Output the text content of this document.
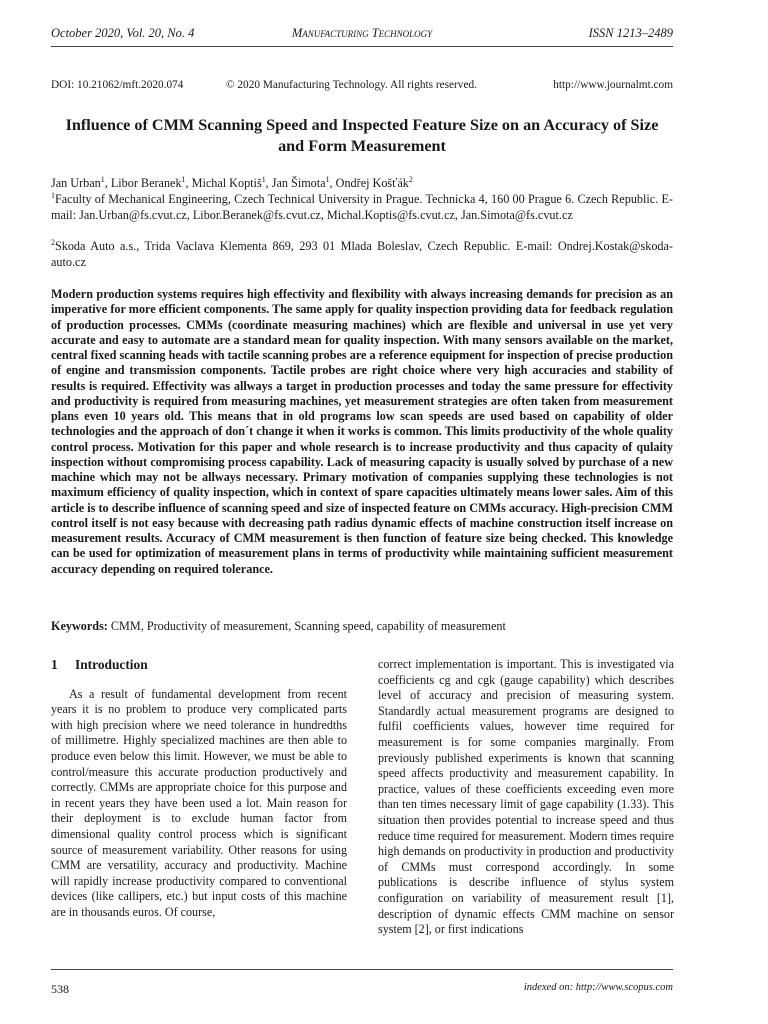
October 2020, Vol. 20, No. 4	Manufacturing Technology	ISSN 1213–2489
DOI: 10.21062/mft.2020.074	© 2020 Manufacturing Technology. All rights reserved.	http://www.journalmt.com
Influence of CMM Scanning Speed and Inspected Feature Size on an Accuracy of Size and Form Measurement
Jan Urban$^1$, Libor Beranek$^1$, Michal Koptiš$^1$, Jan Šimota$^1$, Ondřej Košťák$^2$
$^1$Faculty of Mechanical Engineering, Czech Technical University in Prague. Technicka 4, 160 00 Prague 6. Czech Republic. E-mail: Jan.Urban@fs.cvut.cz, Libor.Beranek@fs.cvut.cz, Michal.Koptis@fs.cvut.cz, Jan.Simota@fs.cvut.cz
$^2$Skoda Auto a.s., Trida Vaclava Klementa 869, 293 01 Mlada Boleslav, Czech Republic. E-mail: Ondrej.Kostak@skoda-auto.cz
Modern production systems requires high effectivity and flexibility with always increasing demands for precision as an imperative for more efficient components. The same apply for quality inspection providing data for feedback regulation of production processes. CMMs (coordinate measuring machines) which are flexible and universal in use yet very accurate and easy to automate are a standard mean for quality inspection. With many sensors available on the market, central fixed scanning heads with tactile scanning probes are a reference equipment for inspection of precise production of engine and transmission components. Tactile probes are right choice where very high accuracies and stability of results is required. Effectivity was allways a target in production processes and today the same pressure for effectivity and productivity is required from measuring machines, yet measurement strategies are often taken from measurement plans even 10 years old. This means that in old programs low scan speeds are used based on capability of older technologies and the approach of don´t change it when it works is common. This limits productivity of the whole quality control process. Motivation for this paper and whole research is to increase productivity and thus capacity of qulaity inspection without compromising process capability. Lack of measuring capacity is usually solved by purchase of a new machine which may not be allways necessary. Primary motivation of companies supplying these technologies is not maximum efficiency of quality inspection, which in context of spare capacities ultimately means lower sales. Aim of this article is to describe influence of scanning speed and size of inspected feature on CMMs accuracy. High-precision CMM control itself is not easy because with decreasing path radius dynamic effects of machine construction itself increase on measurement results. Accuracy of CMM measurement is then function of feature size being checked. This knowledge can be used for optimization of measurement plans in terms of productivity while maintaining sufficient measurement accuracy depending on required tolerance.
Keywords: CMM, Productivity of measurement, Scanning speed, capability of measurement
1 Introduction

As a result of fundamental development from recent years it is no problem to produce very complicated parts with high precision where we need tolerance in hundredths of millimetre. Highly specialized machines are then able to produce even below this limit. However, we must be able to control/measure this accurate production productively and correctly. CMMs are appropriate choice for this purpose and in recent years they have been used a lot. Main reason for their deployment is to exclude human factor from dimensional quality control process which is significant source of measurement variability. Other reasons for using CMM are versatility, accuracy and productivity. Machine will rapidly increase productivity compared to conventional devices (like callipers, etc.) but input costs of this machine are in thousands euros. Of course,

correct implementation is important. This is investigated via coefficients cg and cgk (gauge capability) which describes level of accuracy and precision of measuring system. Standardly actual measurement programs are designed to fulfil coefficients values, however time required for measurement is for some companies marginally. From previously published experiments is known that scanning speed affects productivity and measurement capability. In practice, values of these coefficients exceeding even more than ten times necessary limit of gage capability (1.33). This situation then provides potential to increase speed and thus reduce time required for measurement. Modern times require high demands on productivity in production and productivity of CMMs must correspond accordingly. In some publications is describe influence of stylus system configuration on variability of measurement result [1], description of dynamic effects CMM machine on sensor system [2], or first indications

538	indexed on: http://www.scopus.com
